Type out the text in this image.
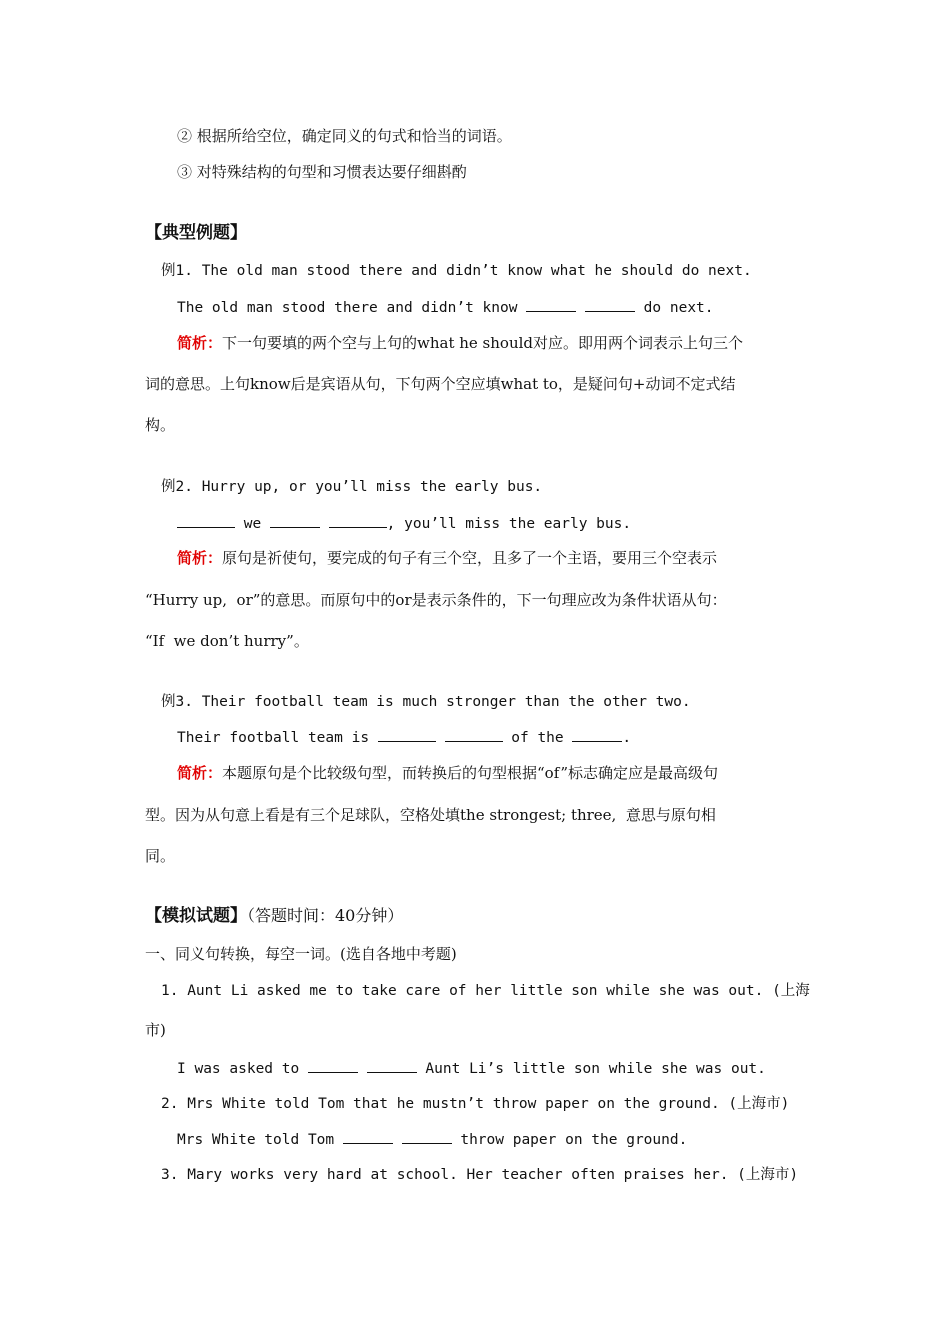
② 根据所给空位，确定同义的句式和恰当的词语。
③ 对特殊结构的句型和习惯表达要仔细斟酌
【典型例题】
例1. The old man stood there and didn’t know what he should do next.
The old man stood there and didn’t know	do next.
简析：下一句要填的两个空与上句的what he should对应。即用两个词表示上句三个
词的意思。上句know后是宾语从句，下句两个空应填what to，是疑问句+动词不定式结
构。
例2. Hurry up, or you’ll miss the early bus.
we	, you’ll miss the early bus.
简析：原句是祈使句，要完成的句子有三个空，且多了一个主语，要用三个空表示
“Hurry up,  or”的意思。而原句中的or是表示条件的，下一句理应改为条件状语从句：
“If  we don’t hurry”。
例3. Their football team is much stronger than the other two.
Their football team is	of the	.
简析：本题原句是个比较级句型，而转换后的句型根据“of”标志确定应是最高级句
型。因为从句意上看是有三个足球队，空格处填the strongest; three,  意思与原句相
同。
【模拟试题】（答题时间：40分钟）
一、同义句转换，每空一词。(选自各地中考题)
1. Aunt Li asked me to take care of her little son while she was out. (上海
市)
I was asked to	Aunt Li’s little son while she was out.
2. Mrs White told Tom that he mustn’t throw paper on the ground. (上海市)
Mrs White told Tom	throw paper on the ground.
3. Mary works very hard at school. Her teacher often praises her. (上海市)
